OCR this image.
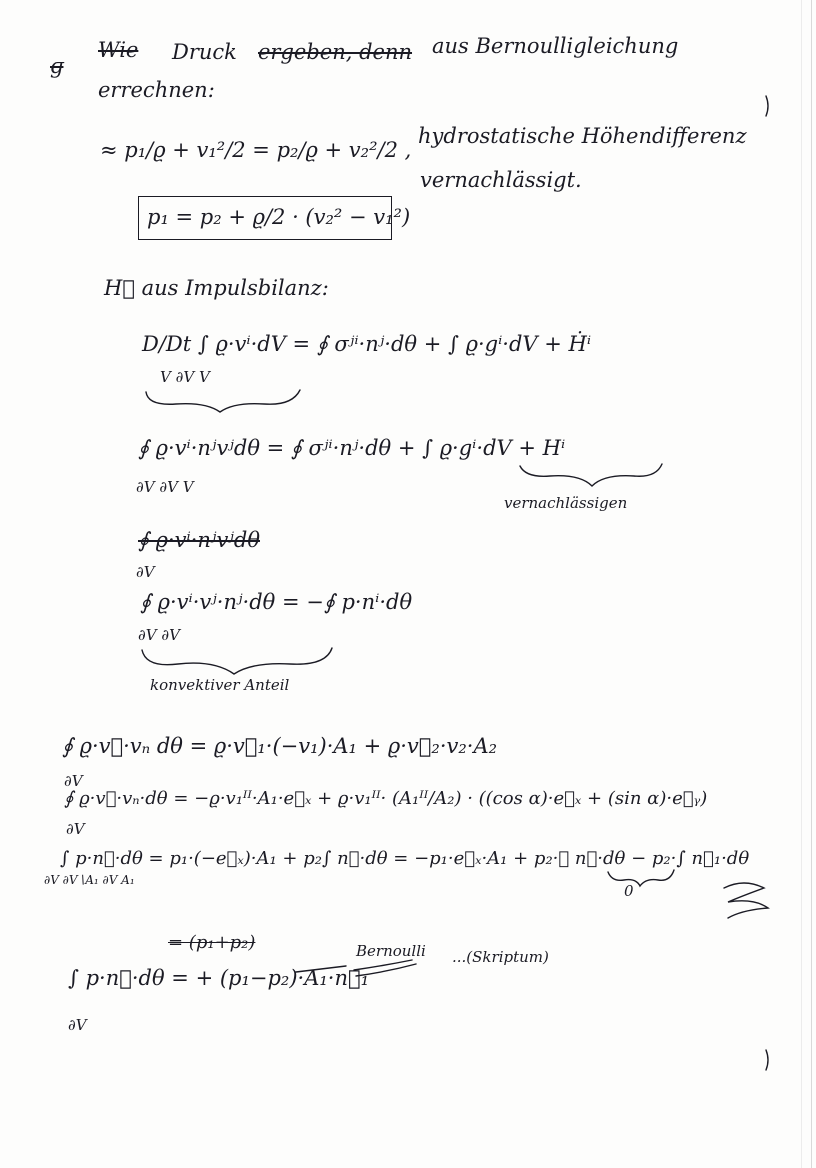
ɡ̶
Wie Druck ergeben, denn aus Bernoulligleichung
errechnen:
≈ p₁/ϱ + v₁²/2 = p₂/ϱ + v₂²/2 ,
hydrostatische Höhendifferenz
vernachlässigt.
p₁ = p₂ + ϱ/2 · (v₂² − v₁²)
H⃗ aus Impulsbilanz:
D/Dt ∫ ϱ·vⁱ·dV = ∮ σʲⁱ·nʲ·dθ + ∫ ϱ·gⁱ·dV + Ḣⁱ
V ∂V V
∮ ϱ·vⁱ·nʲvʲdθ = ∮ σʲⁱ·nʲ·dθ + ∫ ϱ·gⁱ·dV + Hⁱ
∂V ∂V V
vernachlässigen
∮ ϱ·vⁱ·nʲvʲdθ
∂V
∮ ϱ·vⁱ·vʲ·nʲ·dθ = −∮ p·nⁱ·dθ
∂V ∂V
konvektiver Anteil
∮ ϱ·v⃗·vₙ dθ = ϱ·v⃗₁·(−v₁)·A₁ + ϱ·v⃗₂·v₂·A₂
∂V
∮ ϱ·v⃗·vₙ·dθ = −ϱ·v₁ᴵᴵ·A₁·e⃗ₓ + ϱ·v₁ᴵᴵ· (A₁ᴵᴵ/A₂) · ((cos α)·e⃗ₓ + (sin α)·e⃗ᵧ)
∂V
∫ p·n⃗·dθ = p₁·(−e⃗ₓ)·A₁ + p₂∫ n⃗·dθ = −p₁·e⃗ₓ·A₁ + p₂·∮ n⃗·dθ − p₂·∫ n⃗₁·dθ
∂V ∂V∖A₁ ∂V A₁
0
= (p₁+p₂)
∫ p·n⃗·dθ = + (p₁−p₂)·A₁·n⃗₁
∂V
Bernoulli ...(Skriptum)
